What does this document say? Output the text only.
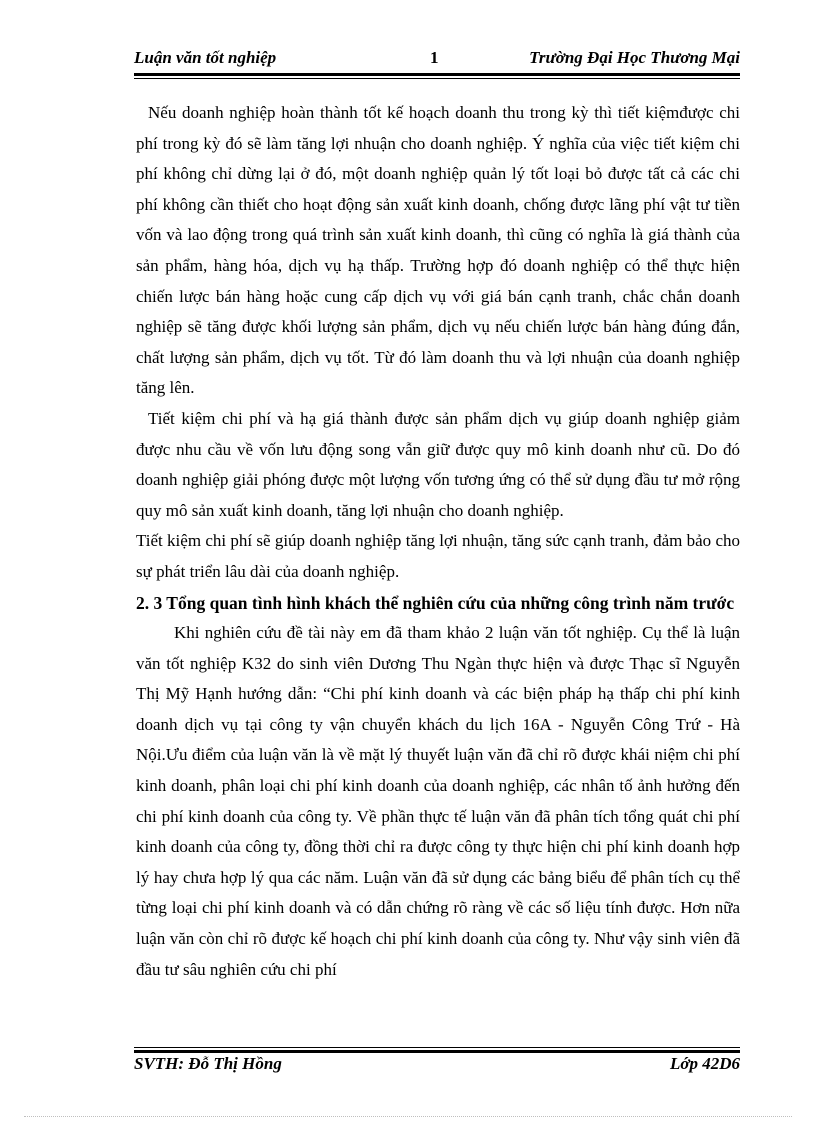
Luận văn tốt nghiệp	1	Trường Đại Học Thương Mại

Nếu doanh nghiệp hoàn thành tốt kế hoạch doanh thu trong kỳ thì tiết kiệmđược chi phí trong kỳ đó sẽ làm tăng lợi nhuận cho doanh nghiệp. Ý nghĩa của việc tiết kiệm chi phí không chỉ dừng lại ở đó, một doanh nghiệp quản lý tốt loại bỏ được tất cả các chi phí không cần thiết cho hoạt động sản xuất kinh doanh, chống được lãng phí vật tư tiền vốn và lao động trong quá trình sản xuất kinh doanh, thì cũng có nghĩa là giá thành của sản phẩm, hàng hóa, dịch vụ hạ thấp. Trường hợp đó doanh nghiệp có thể thực hiện chiến lược bán hàng hoặc cung cấp dịch vụ với giá bán cạnh tranh, chắc chắn doanh nghiệp sẽ tăng được khối lượng sản phẩm, dịch vụ nếu chiến lược bán hàng đúng đắn, chất lượng sản phẩm, dịch vụ tốt. Từ đó làm doanh thu và lợi nhuận của doanh nghiệp tăng lên.

Tiết kiệm chi phí và hạ giá thành được sản phẩm dịch vụ giúp doanh nghiệp giảm được nhu cầu về vốn lưu động song vẫn giữ được quy mô kinh doanh như cũ. Do đó doanh nghiệp giải phóng được một lượng vốn tương ứng có thể sử dụng đầu tư mở rộng quy mô sản xuất kinh doanh, tăng lợi nhuận cho doanh nghiệp.

Tiết kiệm chi phí sẽ giúp doanh nghiệp tăng lợi nhuận, tăng sức cạnh tranh, đảm bảo cho sự phát triển lâu dài của doanh nghiệp.

2. 3 Tổng quan tình hình khách thể nghiên cứu của những công trình năm trước

Khi nghiên cứu đề tài này em đã tham khảo 2 luận văn tốt nghiệp. Cụ thể là luận văn tốt nghiệp K32 do sinh viên Dương Thu Ngàn thực hiện và được Thạc sĩ Nguyễn Thị Mỹ Hạnh hướng dẫn: “Chi phí kinh doanh và các biện pháp hạ thấp chi phí kinh doanh dịch vụ tại công ty vận chuyển khách du lịch 16A - Nguyễn Công Trứ - Hà Nội.Ưu điểm của luận văn là về mặt lý thuyết luận văn đã chỉ rõ được khái niệm chi phí kinh doanh, phân loại chi phí kinh doanh của doanh nghiệp, các nhân tố ảnh hưởng đến chi phí kinh doanh của công ty. Về phần thực tế luận văn đã phân tích tổng quát chi phí kinh doanh của công ty, đồng thời chỉ ra được công ty thực hiện chi phí kinh doanh hợp lý hay chưa hợp lý qua các năm. Luận văn đã sử dụng các bảng biểu để phân tích cụ thể từng loại chi phí kinh doanh và có dẫn chứng rõ ràng về các số liệu tính được. Hơn nữa luận văn còn chỉ rõ được kế hoạch chi phí kinh doanh của công ty. Như vậy sinh viên đã đầu tư sâu nghiên cứu chi phí

SVTH: Đỗ Thị Hồng	Lớp 42D6
